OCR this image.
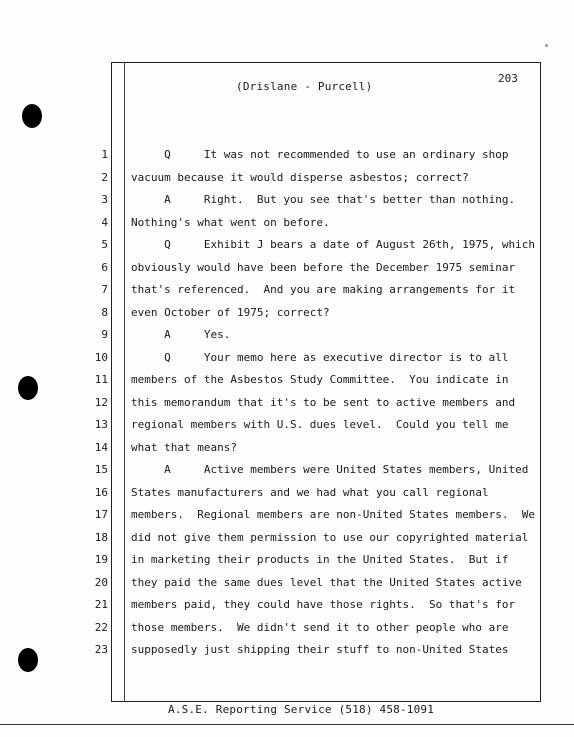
203
(Drislane - Purcell)
1
2
3
4
5
6
7
8
9
10
11
12
13
14
15
16
17
18
19
20
21
22
23
Q     It was not recommended to use an ordinary shop
vacuum because it would disperse asbestos; correct?
A     Right.  But you see that's better than nothing.
Nothing's what went on before.
Q     Exhibit J bears a date of August 26th, 1975, which
obviously would have been before the December 1975 seminar
that's referenced.  And you are making arrangements for it
even October of 1975; correct?
A     Yes.
Q     Your memo here as executive director is to all
members of the Asbestos Study Committee.  You indicate in
this memorandum that it's to be sent to active members and
regional members with U.S. dues level.  Could you tell me
what that means?
A     Active members were United States members, United
States manufacturers and we had what you call regional
members.  Regional members are non-United States members.  We
did not give them permission to use our copyrighted material
in marketing their products in the United States.  But if
they paid the same dues level that the United States active
members paid, they could have those rights.  So that's for
those members.  We didn't send it to other people who are
supposedly just shipping their stuff to non-United States
A.S.E. Reporting Service (518) 458-1091
